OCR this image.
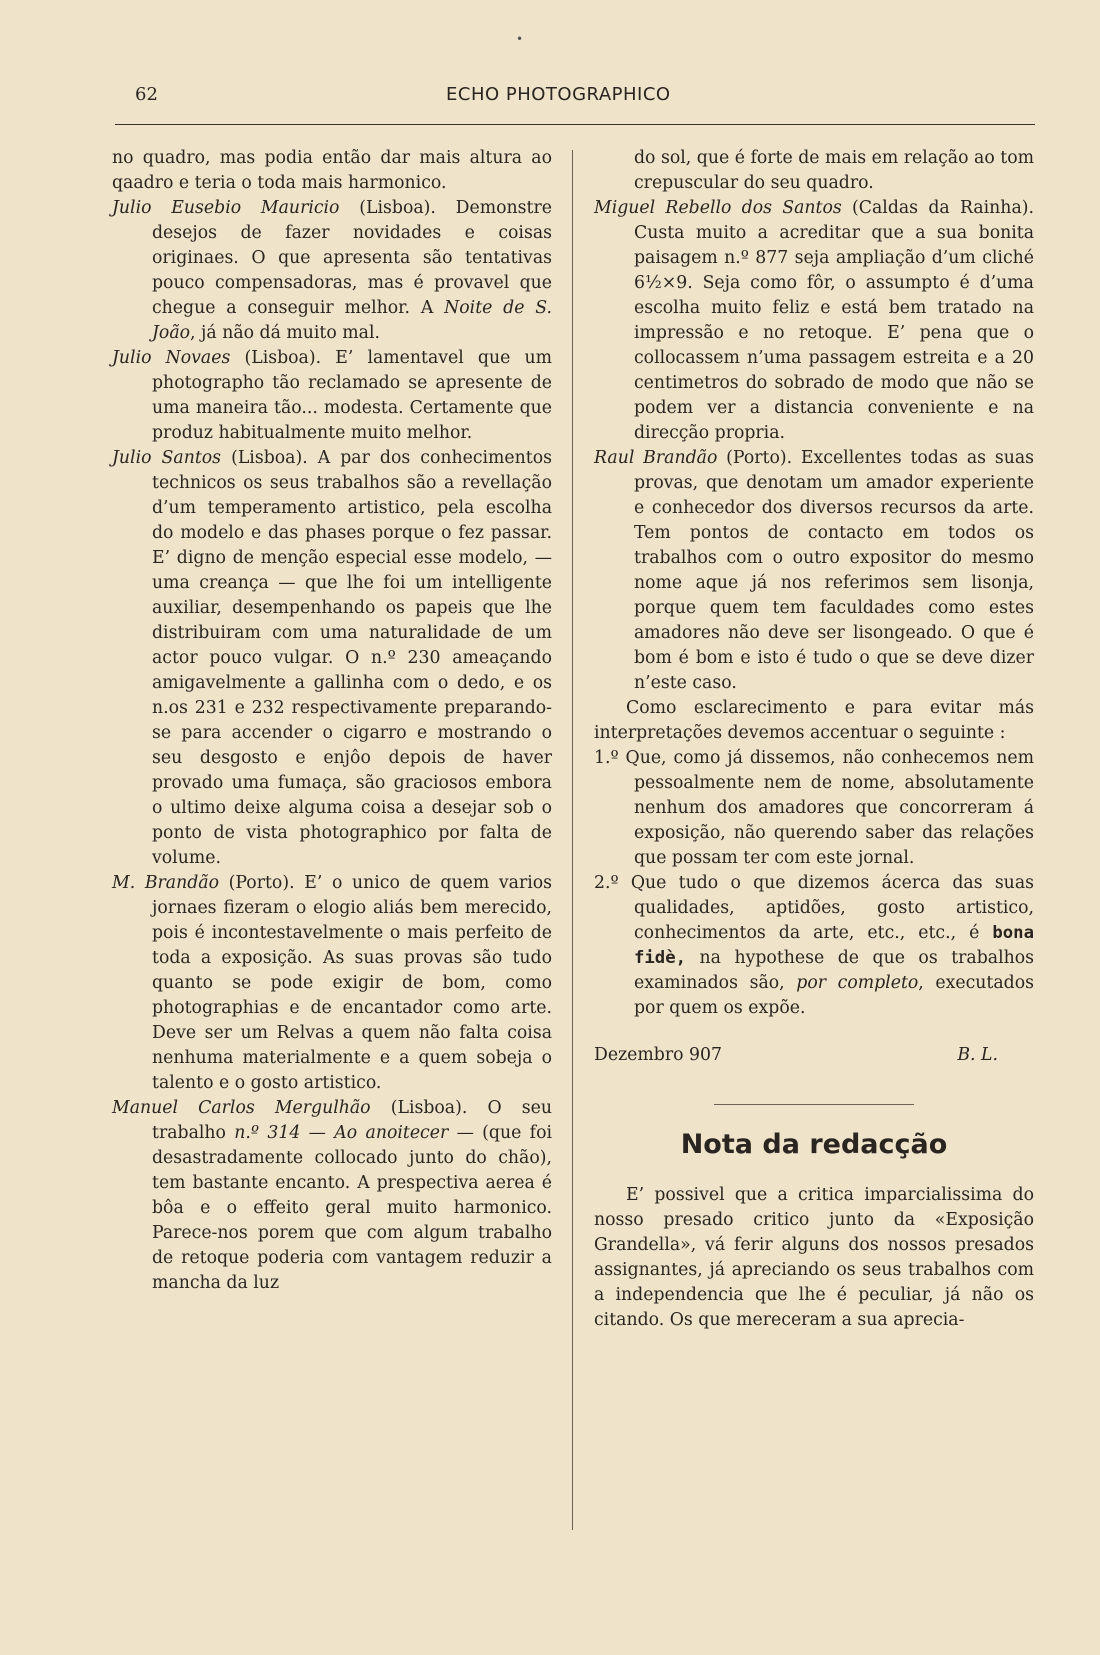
•
62	ECHO PHOTOGRAPHICO

no quadro, mas podia então dar mais altura ao qaadro e teria o toda mais harmonico.

Julio Eusebio Mauricio (Lisboa). Demonstre desejos de fazer novidades e coisas originaes. O que apresenta são tentativas pouco compensadoras, mas é provavel que chegue a conseguir melhor. A Noite de S. João, já não dá muito mal.

Julio Novaes (Lisboa). E’ lamentavel que um photographo tão reclamado se apresente de uma maneira tão... modesta. Certamente que produz habitualmente muito melhor.

Julio Santos (Lisboa). A par dos conhecimentos technicos os seus trabalhos são a revellação d’um temperamento artistico, pela escolha do modelo e das phases porque o fez passar. E’ digno de menção especial esse modelo, — uma creança — que lhe foi um intelligente auxiliar, desempenhando os papeis que lhe distribuiram com uma naturalidade de um actor pouco vulgar. O n.º 230 ameaçando amigavelmente a gallinha com o dedo, e os n.os 231 e 232 respectivamente preparando-se para accender o cigarro e mostrando o seu desgosto e enjôo depois de haver provado uma fumaça, são graciosos embora o ultimo deixe alguma coisa a desejar sob o ponto de vista photographico por falta de volume.

M. Brandão (Porto). E’ o unico de quem varios jornaes fizeram o elogio aliás bem merecido, pois é incontestavelmente o mais perfeito de toda a exposição. As suas provas são tudo quanto se pode exigir de bom, como photographias e de encantador como arte. Deve ser um Relvas a quem não falta coisa nenhuma materialmente e a quem sobeja o talento e o gosto artistico.

Manuel Carlos Mergulhão (Lisboa). O seu trabalho n.º 314 — Ao anoitecer — (que foi desastradamente collocado junto do chão), tem bastante encanto. A prespectiva aerea é bôa e o effeito geral muito harmonico. Parece-nos porem que com algum trabalho de retoque poderia com vantagem reduzir a mancha da luz

do sol, que é forte de mais em relação ao tom crepuscular do seu quadro.

Miguel Rebello dos Santos (Caldas da Rainha). Custa muito a acreditar que a sua bonita paisagem n.º 877 seja ampliação d’um cliché 6½×9. Seja como fôr, o assumpto é d’uma escolha muito feliz e está bem tratado na impressão e no retoque. E’ pena que o collocassem n’uma passagem estreita e a 20 centimetros do sobrado de modo que não se podem ver a distancia conveniente e na direcção propria.

Raul Brandão (Porto). Excellentes todas as suas provas, que denotam um amador experiente e conhecedor dos diversos recursos da arte. Tem pontos de contacto em todos os trabalhos com o outro expositor do mesmo nome aque já nos referimos sem lisonja, porque quem tem faculdades como estes amadores não deve ser lisongeado. O que é bom é bom e isto é tudo o que se deve dizer n’este caso.

Como esclarecimento e para evitar más interpretações devemos accentuar o seguinte :

1.º Que, como já dissemos, não conhecemos nem pessoalmente nem de nome, absolutamente nenhum dos amadores que concorreram á exposição, não querendo saber das relações que possam ter com este jornal.

2.º Que tudo o que dizemos ácerca das suas qualidades, aptidões, gosto artistico, conhecimentos da arte, etc., etc., é bona fidè, na hypothese de que os trabalhos examinados são, por completo, executados por quem os expõe.

Dezembro 907	B. L.
Nota da redacção

E’ possivel que a critica imparcialissima do nosso presado critico junto da «Exposição Grandella», vá ferir alguns dos nossos presados assignantes, já apreciando os seus trabalhos com a independencia que lhe é peculiar, já não os citando. Os que mereceram a sua aprecia-
